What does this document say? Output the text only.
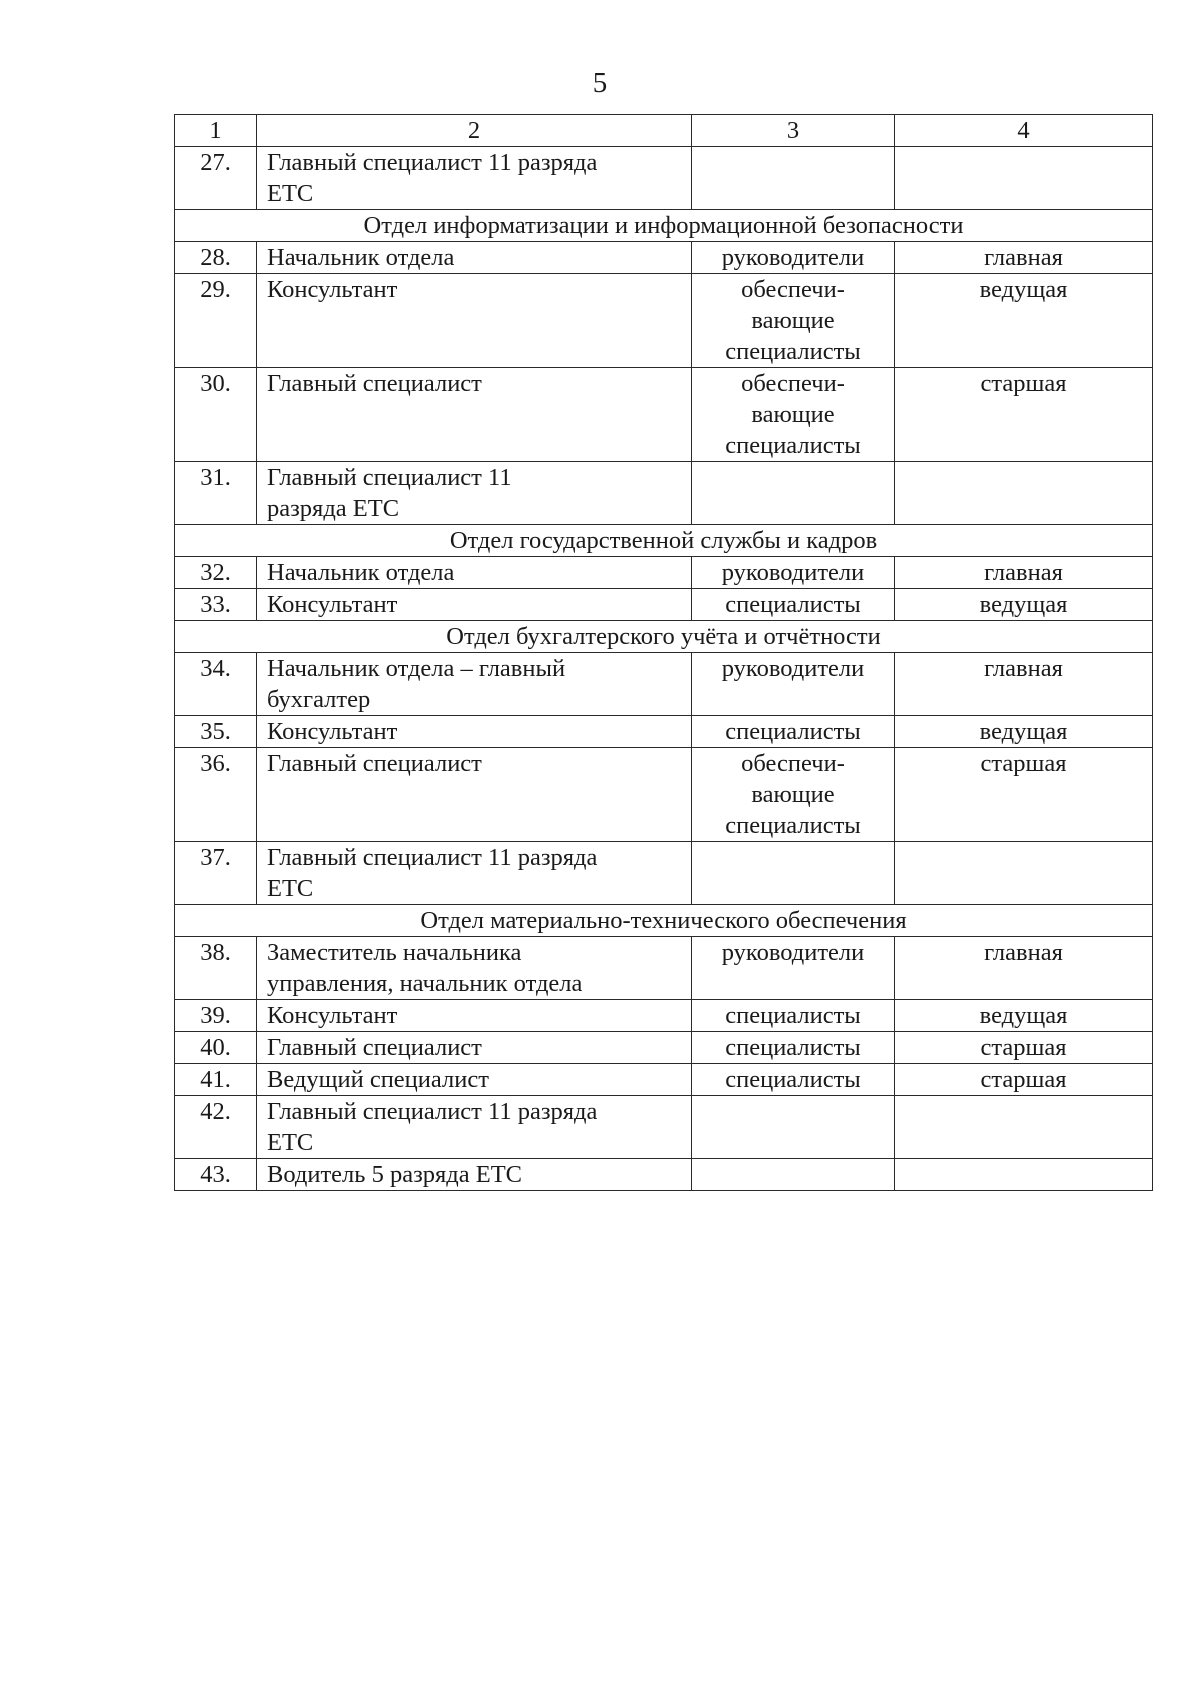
5
1	2	3	4
27.	Главный специалист 11 разряда
ЕТС		

Отдел информатизации и информационной безопасности			
28.	Начальник отдела	руководители	главная
29.	Консультант	обеспечи-
вающие
специалисты	ведущая
30.	Главный специалист	обеспечи-
вающие
специалисты	старшая
31.	Главный специалист 11
разряда ЕТС		

Отдел государственной службы и кадров			
32.	Начальник отдела	руководители	главная
33.	Консультант	специалисты	ведущая
Отдел бухгалтерского учёта и отчётности			
34.	Начальник отдела – главный
бухгалтер	руководители	главная
35.	Консультант	специалисты	ведущая
36.	Главный специалист	обеспечи-
вающие
специалисты	старшая
37.	Главный специалист 11 разряда
ЕТС		

Отдел материально-технического обеспечения			
38.	Заместитель начальника
управления, начальник отдела	руководители	главная
39.	Консультант	специалисты	ведущая
40.	Главный специалист	специалисты	старшая
41.	Ведущий специалист	специалисты	старшая
42.	Главный специалист 11 разряда
ЕТС		

43.	Водитель 5 разряда ЕТС		
